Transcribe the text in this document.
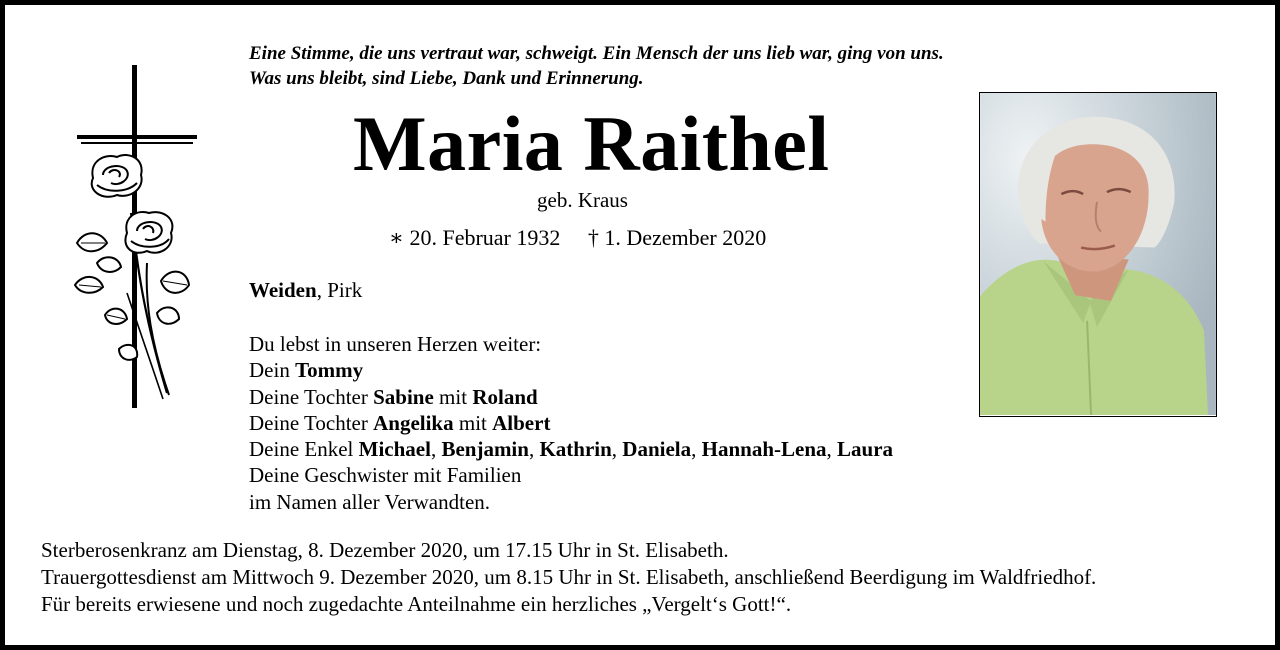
Eine Stimme, die uns vertraut war, schweigt. Ein Mensch der uns lieb war, ging von uns.
Was uns bleibt, sind Liebe, Dank und Erinnerung.
Maria Raithel
geb. Kraus
∗ 20. Februar 1932 † 1. Dezember 2020
Weiden, Pirk
Du lebst in unseren Herzen weiter:
Dein Tommy
Deine Tochter Sabine mit Roland
Deine Tochter Angelika mit Albert
Deine Enkel Michael, Benjamin, Kathrin, Daniela, Hannah-Lena, Laura
Deine Geschwister mit Familien
im Namen aller Verwandten.
Sterberosenkranz am Dienstag, 8. Dezember 2020, um 17.15 Uhr in St. Elisabeth.
Trauergottesdienst am Mittwoch 9. Dezember 2020, um 8.15 Uhr in St. Elisabeth, anschließend Beerdigung im Waldfriedhof.
Für bereits erwiesene und noch zugedachte Anteilnahme ein herzliches „Vergelt‘s Gott!“.
